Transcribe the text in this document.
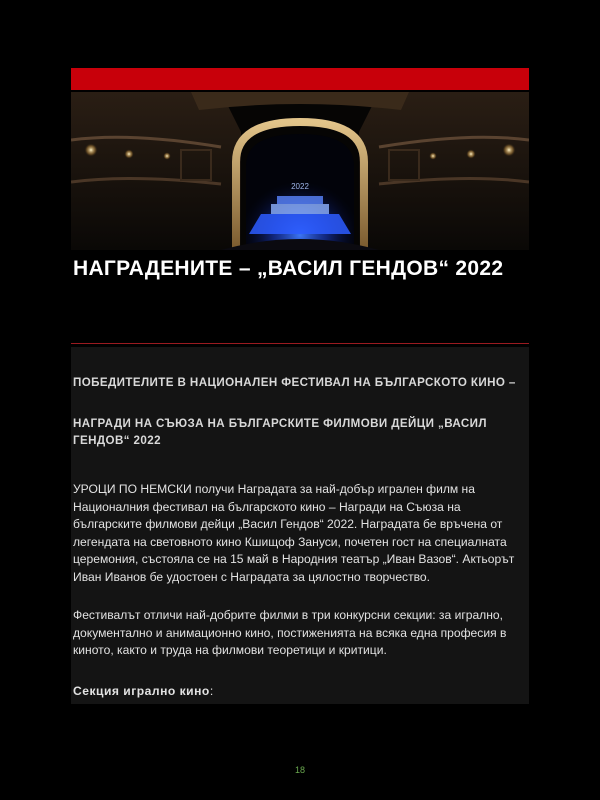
2022
НАГРАДЕНИТЕ – „ВАСИЛ ГЕНДОВ“ 2022

ПОБЕДИТЕЛИТЕ В НАЦИОНАЛЕН ФЕСТИВАЛ НА БЪЛГАРСКОТО КИНО –

НАГРАДИ НА СЪЮЗА НА БЪЛГАРСКИТЕ ФИЛМОВИ ДЕЙЦИ „ВАСИЛ ГЕНДОВ“ 2022

УРОЦИ ПО НЕМСКИ получи Наградата за най-добър игрален филм на Националния фестивал на българското кино – Награди на Съюза на българските филмови дейци „Васил Гендов“ 2022. Наградата бе връчена от легендата на световното кино Кшищоф Зануси, почетен гост на специалната церемония, състояла се на 15 май в Народния театър „Иван Вазов“. Актьорът Иван Иванов бе удостоен с Наградата за цялостно творчество.

Фестивалът отличи най-добрите филми в три конкурсни секции: за игрално, документално и анимационно кино, постиженията на всяка една професия в киното, както и труда на филмови теоретици и критици.

Секция игрално кино:

18
